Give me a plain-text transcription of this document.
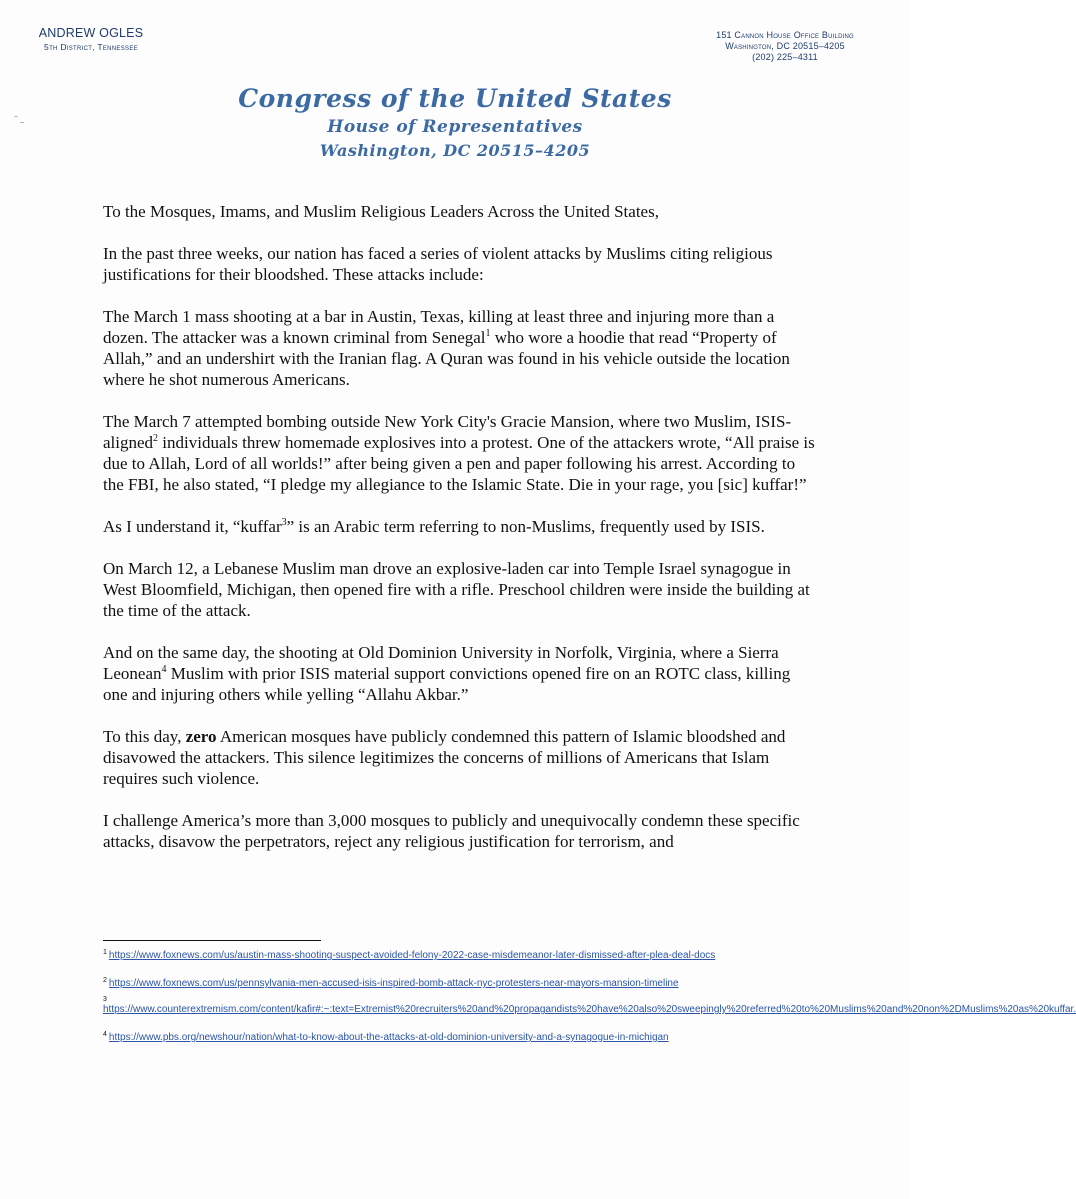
ANDREW OGLES
5th District, Tennessee
151 Cannon House Office Building
Washington, DC 20515–4205
(202) 225–4311
Congress of the United States
House of Representatives
Washington, DC 20515–4205

To the Mosques, Imams, and Muslim Religious Leaders Across the United States,

In the past three weeks, our nation has faced a series of violent attacks by Muslims citing religious justifications for their bloodshed. These attacks include:

The March 1 mass shooting at a bar in Austin, Texas, killing at least three and injuring more than a dozen. The attacker was a known criminal from Senegal$^1$ who wore a hoodie that read “Property of Allah,” and an undershirt with the Iranian flag. A Quran was found in his vehicle outside the location where he shot numerous Americans.

The March 7 attempted bombing outside New York City's Gracie Mansion, where two Muslim, ISIS-aligned$^2$ individuals threw homemade explosives into a protest. One of the attackers wrote, “All praise is due to Allah, Lord of all worlds!” after being given a pen and paper following his arrest. According to the FBI, he also stated, “I pledge my allegiance to the Islamic State. Die in your rage, you [sic] kuffar!”

As I understand it, “kuffar$^3$” is an Arabic term referring to non-Muslims, frequently used by ISIS.

On March 12, a Lebanese Muslim man drove an explosive-laden car into Temple Israel synagogue in West Bloomfield, Michigan, then opened fire with a rifle. Preschool children were inside the building at the time of the attack.

And on the same day, the shooting at Old Dominion University in Norfolk, Virginia, where a Sierra Leonean$^4$ Muslim with prior ISIS material support convictions opened fire on an ROTC class, killing one and injuring others while yelling “Allahu Akbar.”

To this day, zero American mosques have publicly condemned this pattern of Islamic bloodshed and disavowed the attackers. This silence legitimizes the concerns of millions of Americans that Islam requires such violence.

I challenge America’s more than 3,000 mosques to publicly and unequivocally condemn these specific attacks, disavow the perpetrators, reject any religious justification for terrorism, and

$^1$ https://www.foxnews.com/us/austin-mass-shooting-suspect-avoided-felony-2022-case-misdemeanor-later-dismissed-after-plea-deal-docs
$^2$ https://www.foxnews.com/us/pennsylvania-men-accused-isis-inspired-bomb-attack-nyc-protesters-near-mayors-mansion-timeline
3
https://www.counterextremism.com/content/kafir#:~:text=Extremist%20recruiters%20and%20propagandists%20have%20also%20sweepingly%20referred%20to%20Muslims%20and%20non%2DMuslims%20as%20kuffar.
$^4$ https://www.pbs.org/newshour/nation/what-to-know-about-the-attacks-at-old-dominion-university-and-a-synagogue-in-michigan
